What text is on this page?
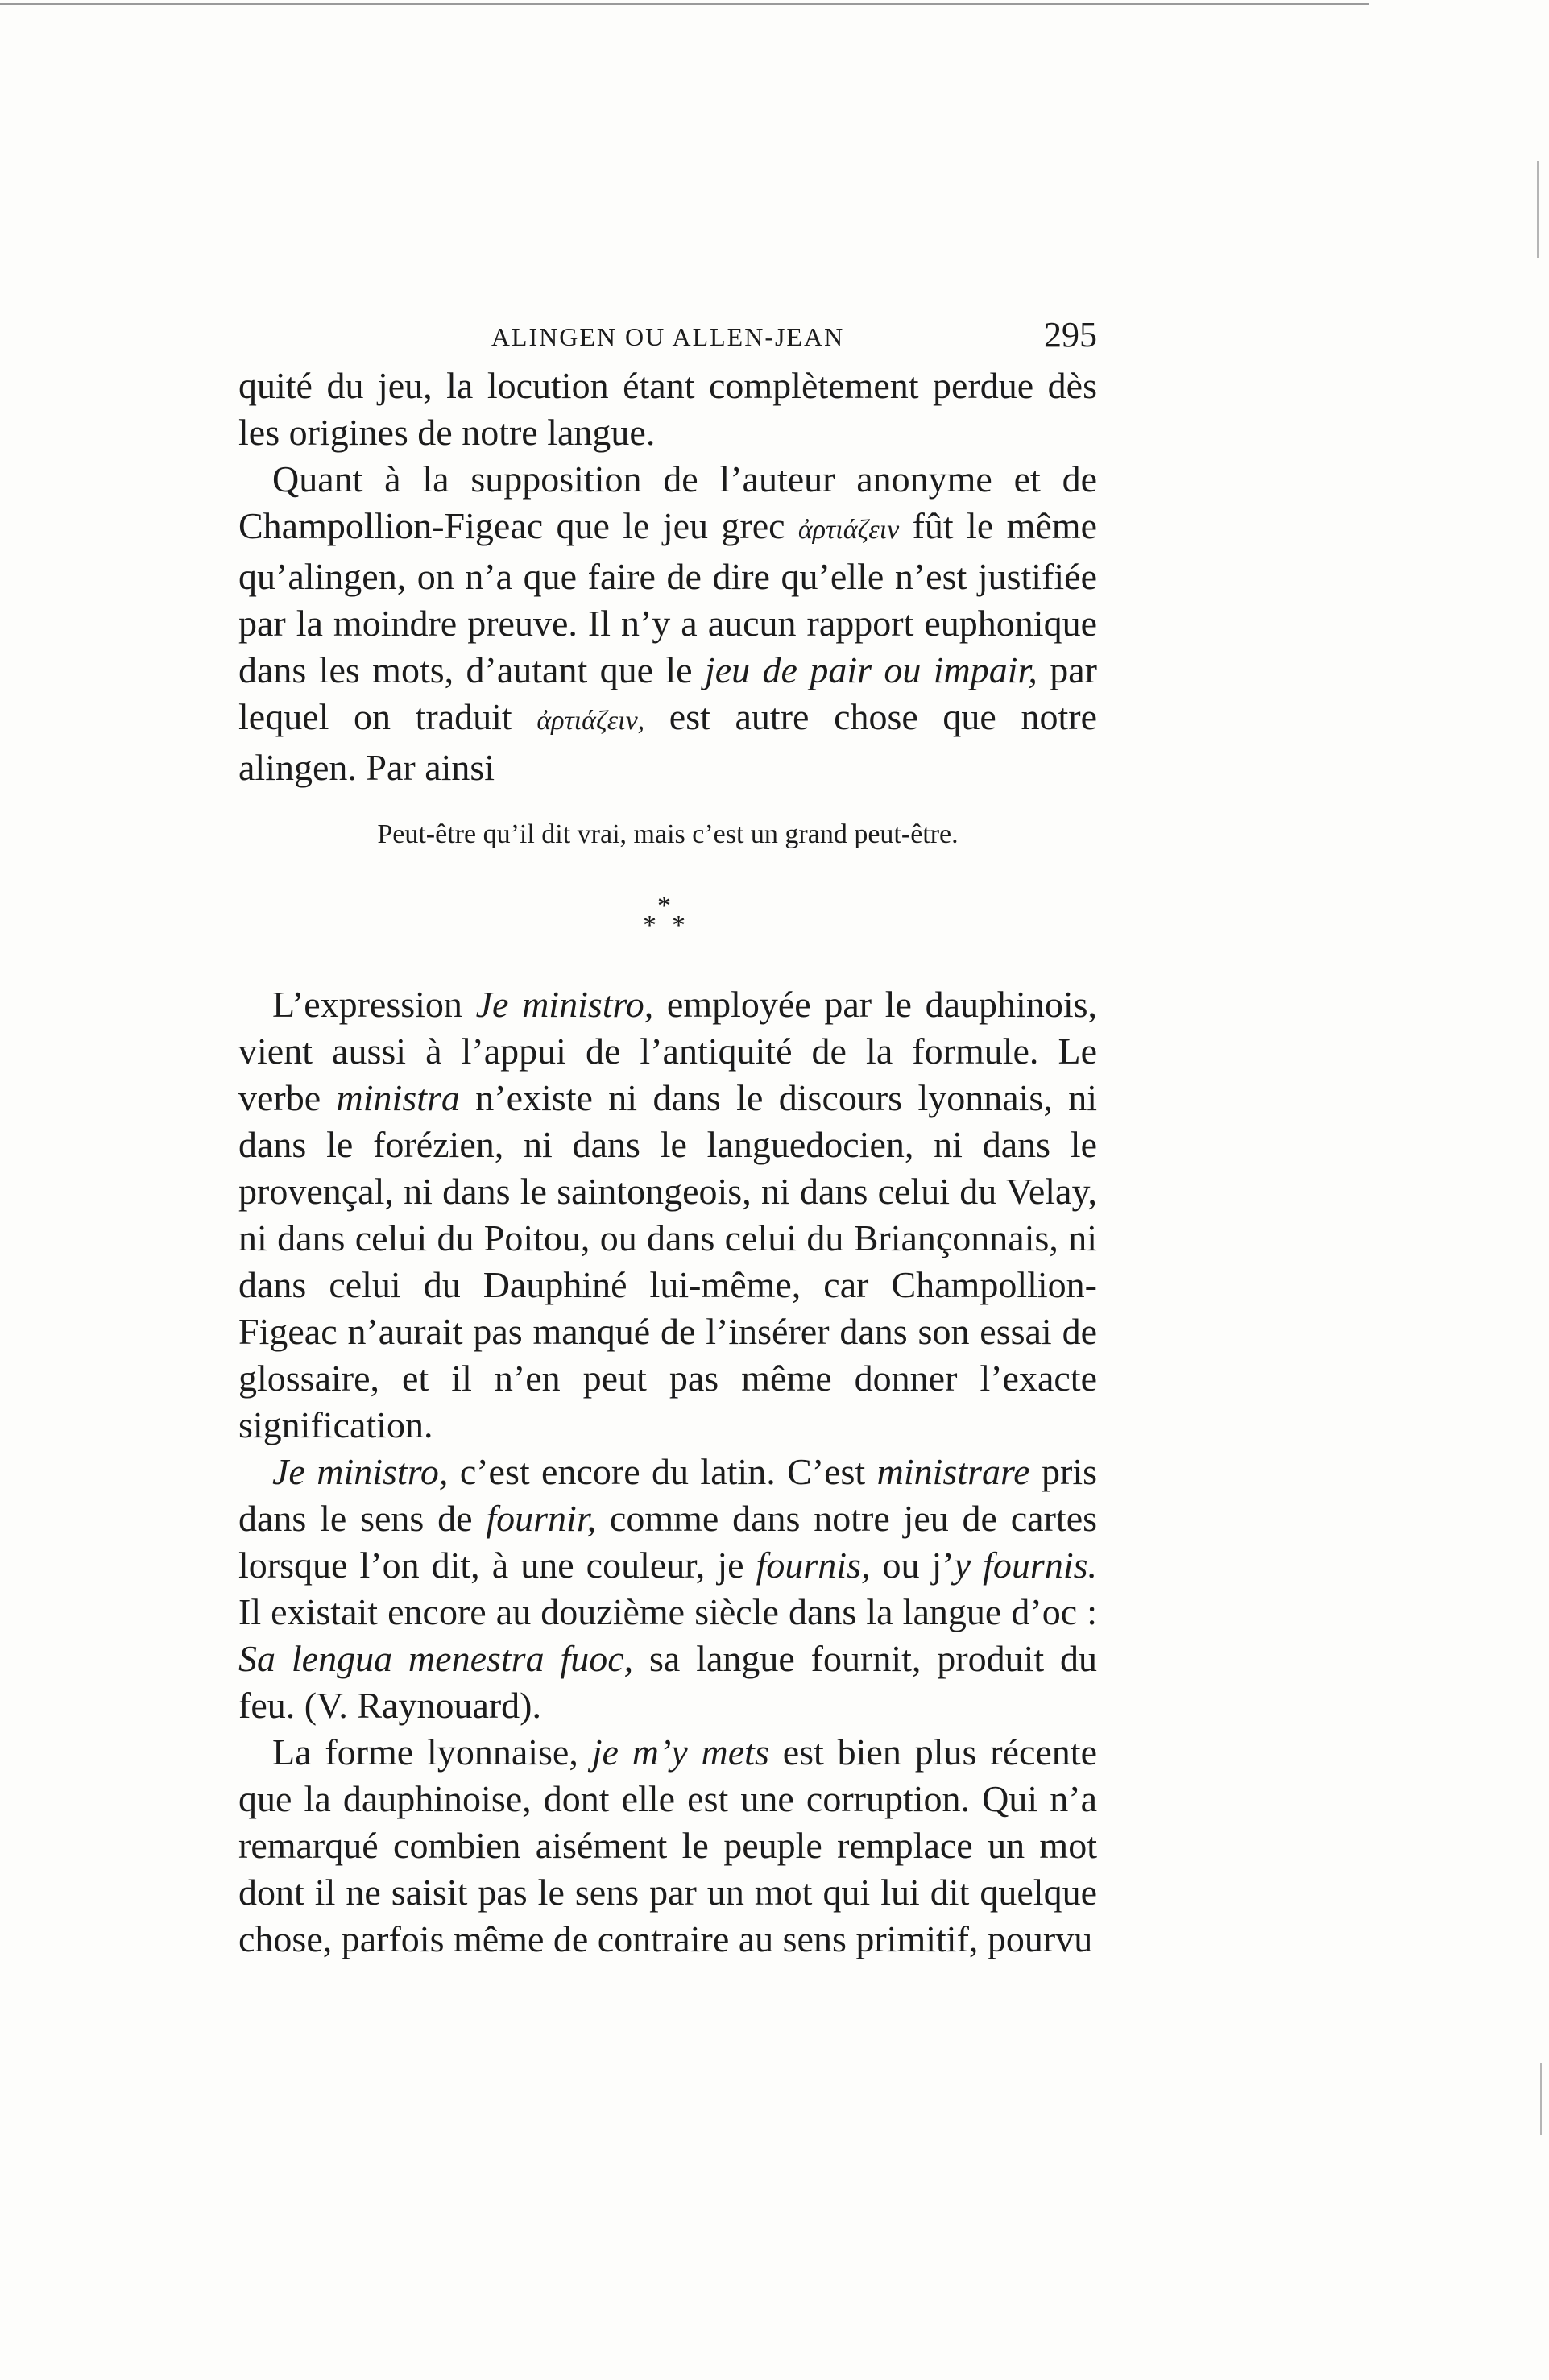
ALINGEN OU ALLEN-JEAN	295

quité du jeu, la locution étant complètement perdue dès les origines de notre langue.

Quant à la supposition de l’auteur anonyme et de Champollion-Figeac que le jeu grec ἀρτιάζειν fût le même qu’alingen, on n’a que faire de dire qu’elle n’est justifiée par la moindre preuve. Il n’y a aucun rapport euphonique dans les mots, d’autant que le jeu de pair ou impair, par lequel on traduit ἀρτιάζειν, est autre chose que notre alingen. Par ainsi

Peut-être qu’il dit vrai, mais c’est un grand peut-être.
*
* *

L’expression Je ministro, employée par le dauphinois, vient aussi à l’appui de l’antiquité de la formule. Le verbe ministra n’existe ni dans le discours lyonnais, ni dans le forézien, ni dans le languedocien, ni dans le provençal, ni dans le saintongeois, ni dans celui du Velay, ni dans celui du Poitou, ou dans celui du Briançonnais, ni dans celui du Dauphiné lui-même, car Champollion-Figeac n’aurait pas manqué de l’insérer dans son essai de glossaire, et il n’en peut pas même donner l’exacte signification.

Je ministro, c’est encore du latin. C’est ministrare pris dans le sens de fournir, comme dans notre jeu de cartes lorsque l’on dit, à une couleur, je fournis, ou j’y fournis. Il existait encore au douzième siècle dans la langue d’oc : Sa lengua menestra fuoc, sa langue fournit, produit du feu. (V. Raynouard).

La forme lyonnaise, je m’y mets est bien plus récente que la dauphinoise, dont elle est une corruption. Qui n’a remarqué combien aisément le peuple remplace un mot dont il ne saisit pas le sens par un mot qui lui dit quelque chose, parfois même de contraire au sens primitif, pourvu
